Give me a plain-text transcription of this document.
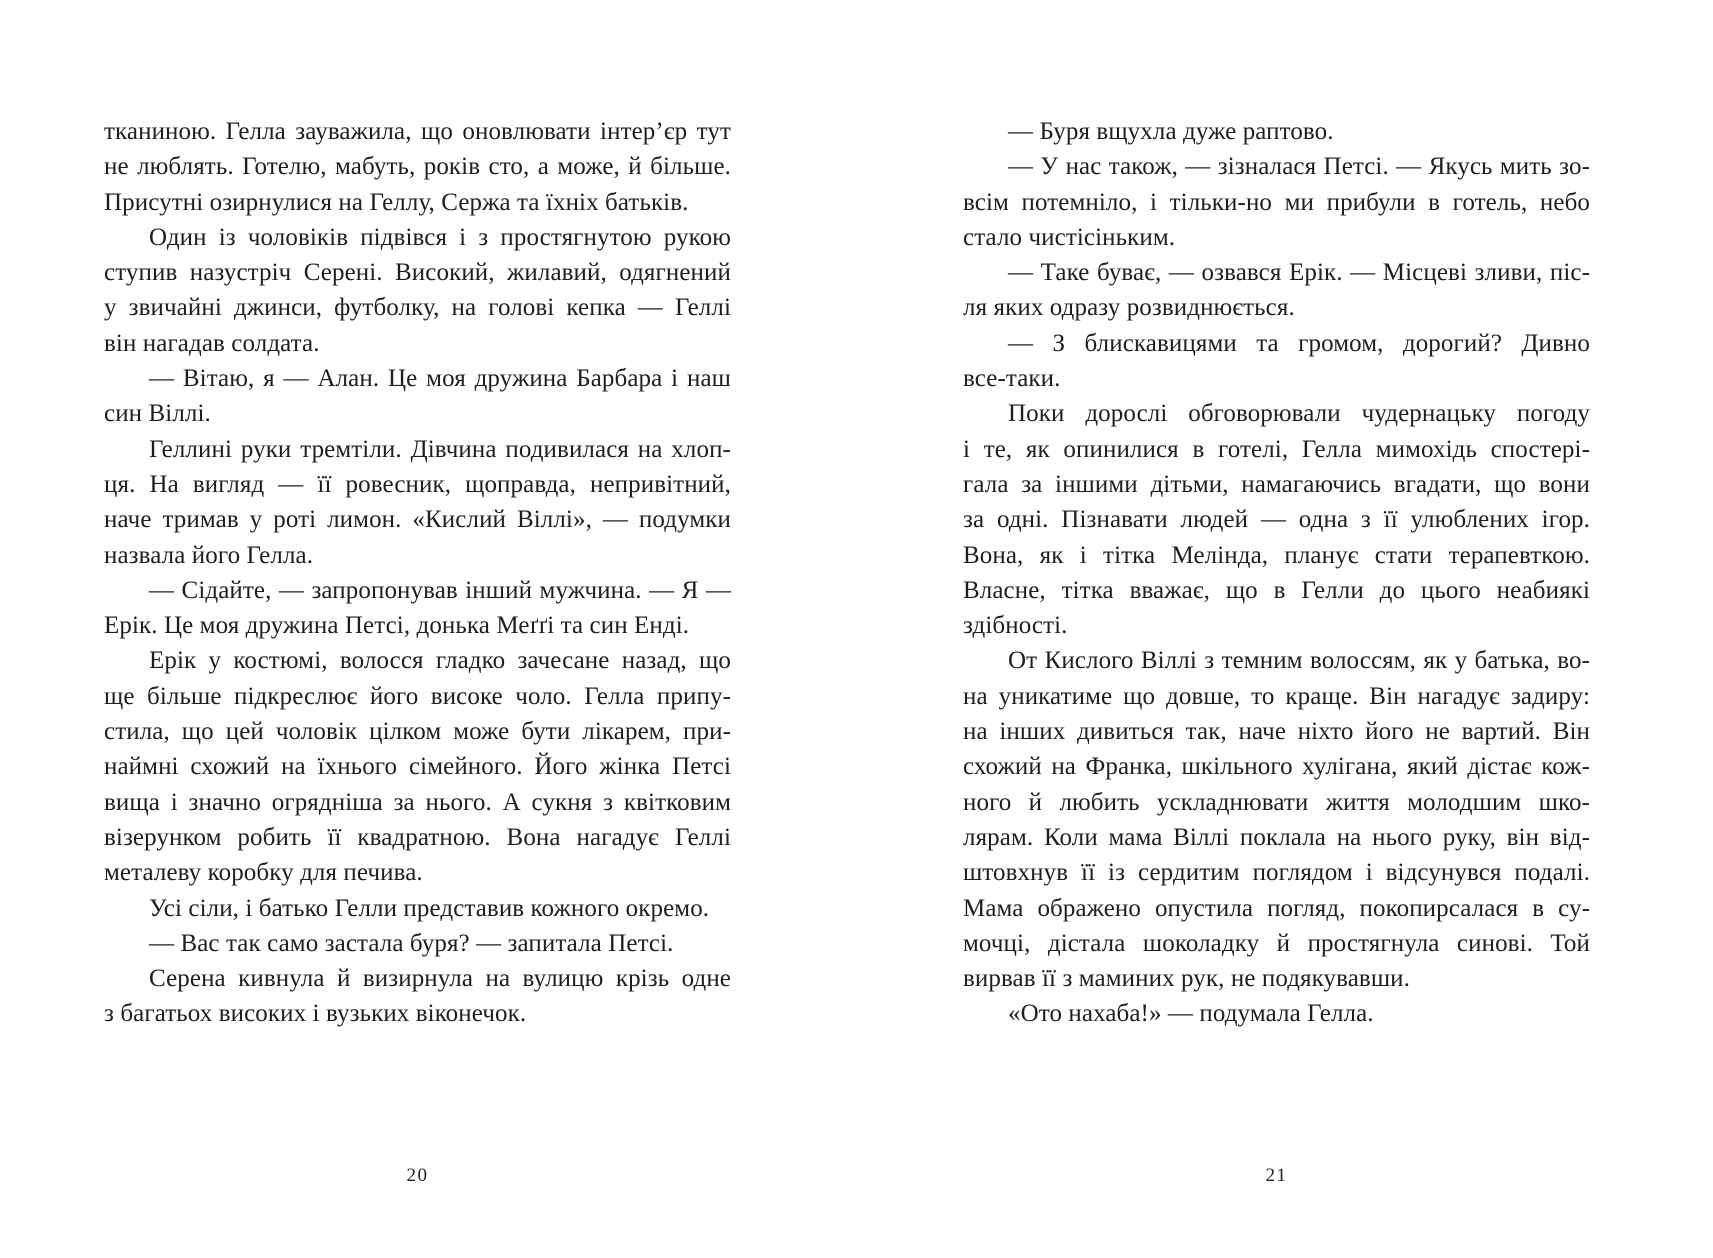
тканиною. Гелла зауважила, що оновлювати інтер’єр тут
не люблять. Готелю, мабуть, років сто, а може, й більше.
Присутні озирнулися на Геллу, Сержа та їхніх батьків.
Один із чоловіків підвівся і з простягнутою рукою
ступив назустріч Серені. Високий, жилавий, одягнений
у звичайні джинси, футболку, на голові кепка — Геллі
він нагадав солдата.
— Вітаю, я — Алан. Це моя дружина Барбара і наш
син Віллі.
Геллині руки тремтіли. Дівчина подивилася на хлоп-
ця. На вигляд — її ровесник, щоправда, непривітний,
наче тримав у роті лимон. «Кислий Віллі», — подумки
назвала його Гелла.
— Сідайте, — запропонував інший мужчина. — Я —
Ерік. Це моя дружина Петсі, донька Меґґі та син Енді.
Ерік у костюмі, волосся гладко зачесане назад, що
ще більше підкреслює його високе чоло. Гелла припу-
стила, що цей чоловік цілком може бути лікарем, при-
наймні схожий на їхнього сімейного. Його жінка Петсі
вища і значно огрядніша за нього. А сукня з квітковим
візерунком робить її квадратною. Вона нагадує Геллі
металеву коробку для печива.
Усі сіли, і батько Гелли представив кожного окремо.
— Вас так само застала буря? — запитала Петсі.
Серена кивнула й визирнула на вулицю крізь одне
з багатьох високих і вузьких віконечок.
20
— Буря вщухла дуже раптово.
— У нас також, — зізналася Петсі. — Якусь мить зо-
всім потемніло, і тільки-но ми прибули в готель, небо
стало чистісіньким.
— Таке буває, — озвався Ерік. — Місцеві зливи, піс-
ля яких одразу розвиднюється.
— З блискавицями та громом, дорогий? Дивно
все-таки.
Поки дорослі обговорювали чудернацьку погоду
і те, як опинилися в готелі, Гелла мимохідь спостері-
гала за іншими дітьми, намагаючись вгадати, що вони
за одні. Пізнавати людей — одна з її улюблених ігор.
Вона, як і тітка Мелінда, планує стати терапевткою.
Власне, тітка вважає, що в Гелли до цього неабиякі
здібності.
От Кислого Віллі з темним волоссям, як у батька, во-
на уникатиме що довше, то краще. Він нагадує задиру:
на інших дивиться так, наче ніхто його не вартий. Він
схожий на Франка, шкільного хулігана, який дістає кож-
ного й любить ускладнювати життя молодшим шко-
лярам. Коли мама Віллі поклала на нього руку, він від-
штовхнув її із сердитим поглядом і відсунувся подалі.
Мама ображено опустила погляд, покопирсалася в су-
мочці, дістала шоколадку й простягнула синові. Той
вирвав її з маминих рук, не подякувавши.
«Ото нахаба!» — подумала Гелла.
21
